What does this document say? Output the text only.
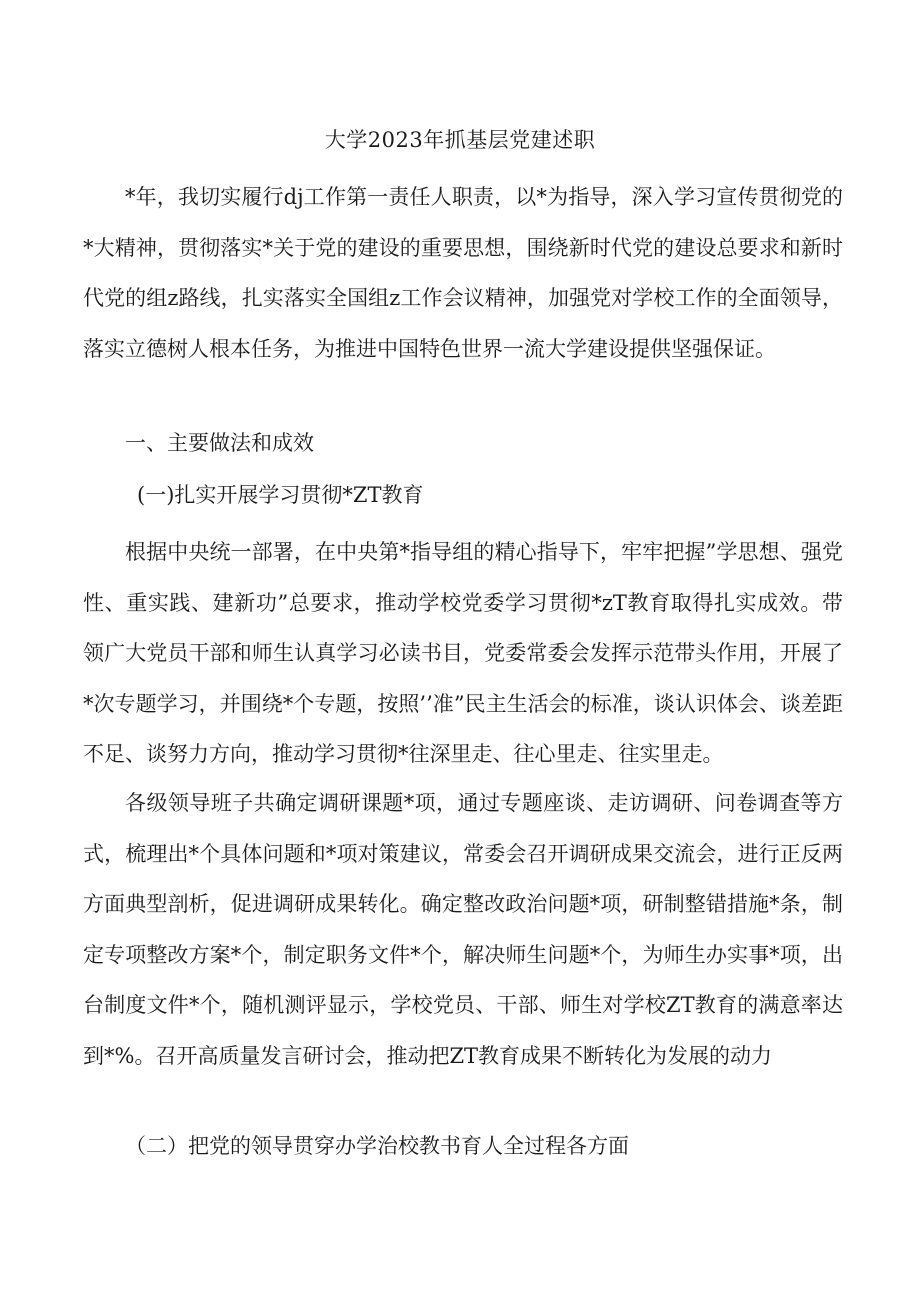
大学2023年抓基层党建述职

*年，我切实履行dj工作第一责任人职责，以*为指导，深入学习宣传贯彻党的*大精神，贯彻落实*关于党的建设的重要思想，围绕新时代党的建设总要求和新时代党的组z路线，扎实落实全国组z工作会议精神，加强党对学校工作的全面领导，落实立德树人根本任务，为推进中国特色世界一流大学建设提供坚强保证。

一、主要做法和成效

(一)扎实开展学习贯彻*ZT教育

根据中央统一部署，在中央第*指导组的精心指导下，牢牢把握”学思想、强党性、重实践、建新功”总要求，推动学校党委学习贯彻*zT教育取得扎实成效。带领广大党员干部和师生认真学习必读书目，党委常委会发挥示范带头作用，开展了*次专题学习，并围绕*个专题，按照’’准”民主生活会的标准，谈认识体会、谈差距不足、谈努力方向，推动学习贯彻*往深里走、往心里走、往实里走。

各级领导班子共确定调研课题*项，通过专题座谈、走访调研、问卷调查等方式，梳理出*个具体问题和*项对策建议，常委会召开调研成果交流会，进行正反两方面典型剖析，促进调研成果转化。确定整改政治问题*项，研制整错措施*条，制定专项整改方案*个，制定职务文件*个，解决师生问题*个，为师生办实事*项，出台制度文件*个，随机测评显示，学校党员、干部、师生对学校ZT教育的满意率达到*%。召开高质量发言研讨会，推动把ZT教育成果不断转化为发展的动力

（二）把党的领导贯穿办学治校教书育人全过程各方面
